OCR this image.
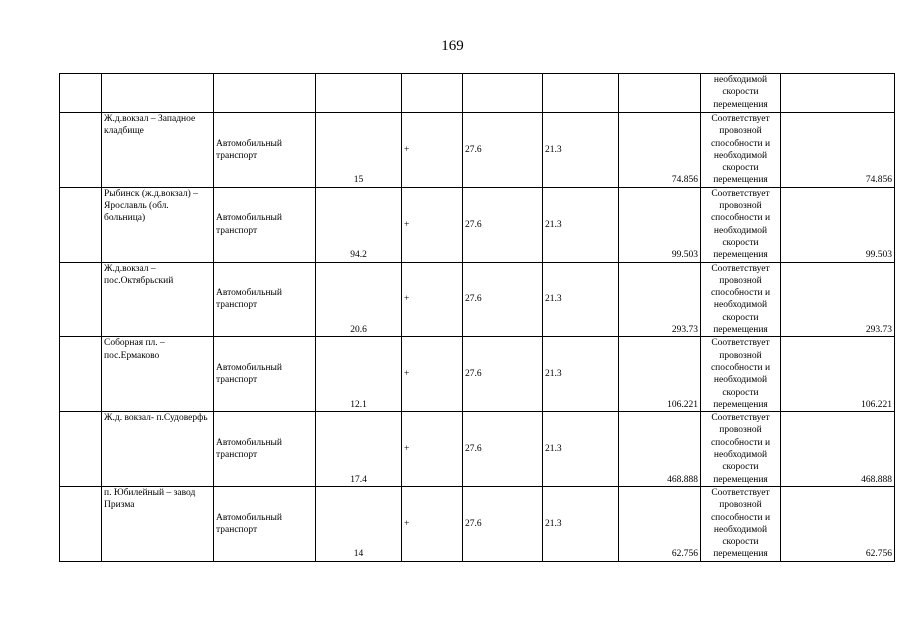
169
								необходимой скорости перемещения	
	Ж.д.вокзал – Западное кладбище	Автомобильный транспорт	15	+	27.6	21.3	74.856	Соответствует провозной способности и необходимой скорости перемещения	74.856
	Рыбинск (ж.д.вокзал) – Ярославль (обл. больница)	Автомобильный транспорт	94.2	+	27.6	21.3	99.503	Соответствует провозной способности и необходимой скорости перемещения	99.503
	Ж.д.вокзал – пос.Октябрьский	Автомобильный транспорт	20.6	+	27.6	21.3	293.73	Соответствует провозной способности и необходимой скорости перемещения	293.73
	Соборная пл. – пос.Ермаково	Автомобильный транспорт	12.1	+	27.6	21.3	106.221	Соответствует провозной способности и необходимой скорости перемещения	106.221
	Ж.д. вокзал- п.Судоверфь	Автомобильный транспорт	17.4	+	27.6	21.3	468.888	Соответствует провозной способности и необходимой скорости перемещения	468.888
	п. Юбилейный – завод Призма	Автомобильный транспорт	14	+	27.6	21.3	62.756	Соответствует провозной способности и необходимой скорости перемещения	62.756
